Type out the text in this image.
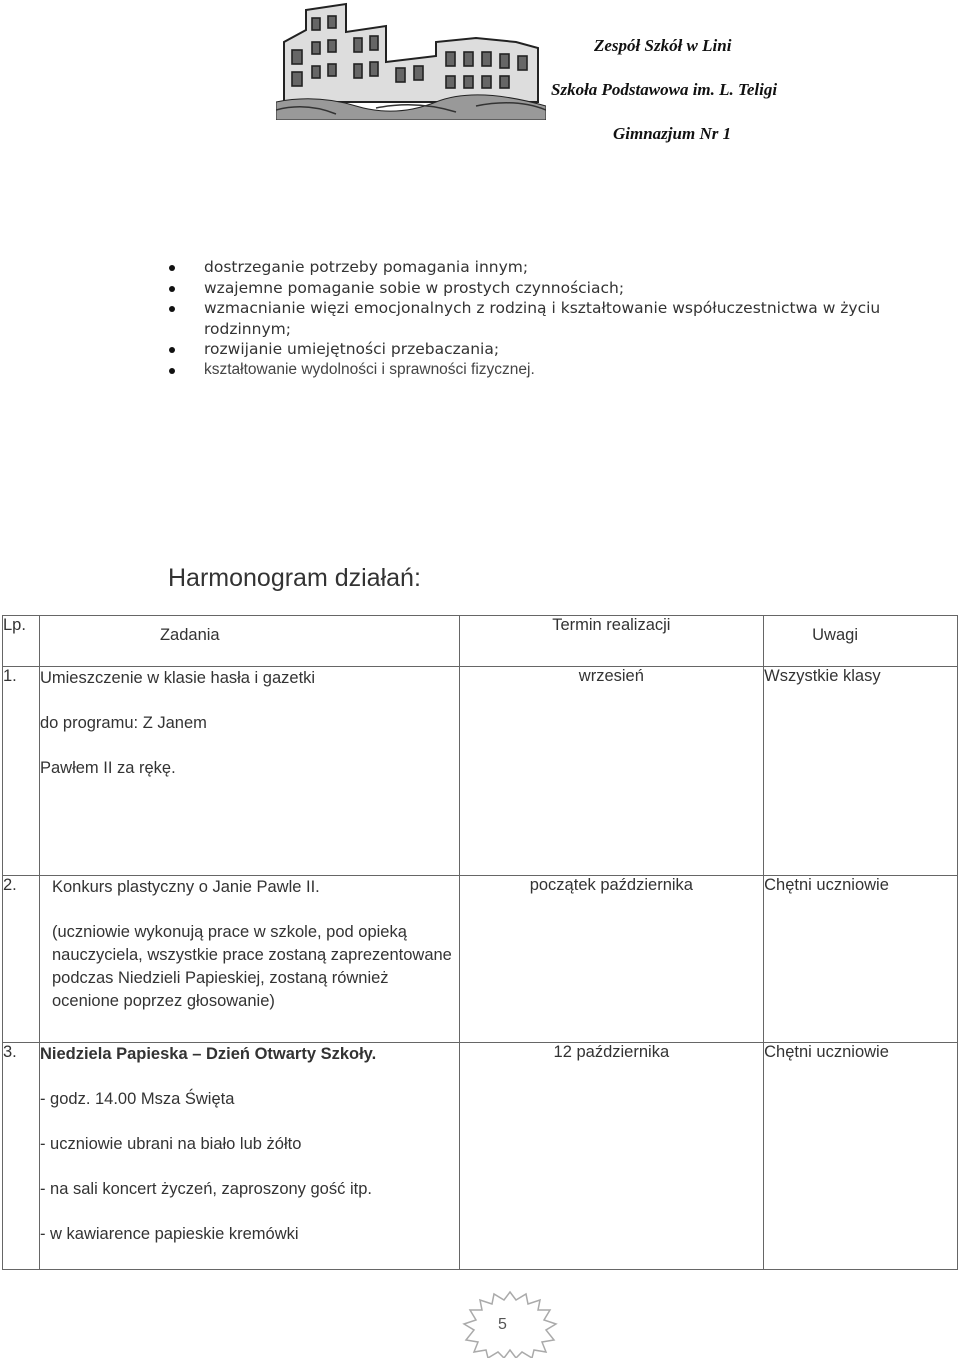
Zespół Szkół w Lini
Szkoła Podstawowa im. L. Teligi
Gimnazjum Nr 1
dostrzeganie potrzeby pomagania innym;
wzajemne pomaganie sobie w prostych czynnościach;
wzmacnianie więzi emocjonalnych z rodziną i kształtowanie współuczestnictwa w życiu rodzinnym;
rozwijanie umiejętności przebaczania;
kształtowanie wydolności i sprawności fizycznej.
Harmonogram działań:
Lp.	Zadania	Termin realizacji	Uwagi
1.	Umieszczenie w klasie hasła i gazetki

do programu: Z Janem

Pawłem II za rękę.	wrzesień	Wszystkie klasy
2.	Konkurs plastyczny o Janie Pawle II.

(uczniowie wykonują prace w szkole, pod opieką nauczyciela, wszystkie prace zostaną zaprezentowane podczas Niedzieli Papieskiej, zostaną również ocenione poprzez głosowanie)	początek października	Chętni uczniowie
3.	Niedziela Papieska – Dzień Otwarty Szkoły.

- godz. 14.00 Msza Święta

- uczniowie ubrani na biało lub żółto

- na sali koncert życzeń, zaproszony gość itp.

- w kawiarence papieskie kremówki	12 października	Chętni uczniowie
5
